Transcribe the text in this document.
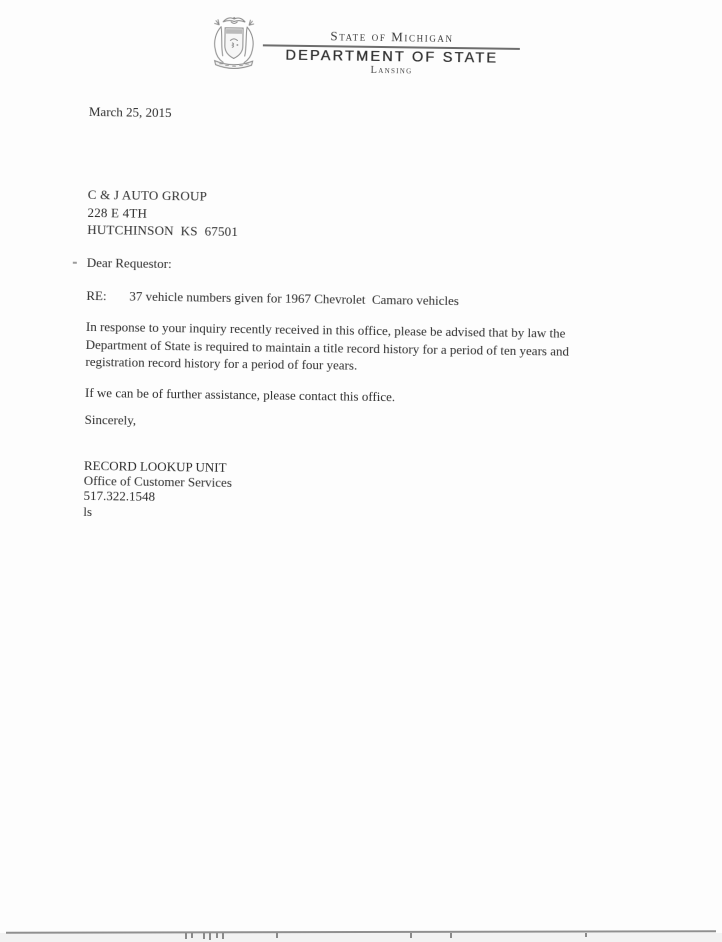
State of Michigan
DEPARTMENT OF STATE
Lansing
March 25, 2015
C & J AUTO GROUP
228 E 4TH
HUTCHINSON  KS  67501
Dear Requestor:
RE:	37 vehicle numbers given for 1967 Chevrolet  Camaro vehicles
In response to your inquiry recently received in this office, please be advised that by law the
Department of State is required to maintain a title record history for a period of ten years and
registration record history for a period of four years.
If we can be of further assistance, please contact this office.
Sincerely,
RECORD LOOKUP UNIT
Office of Customer Services
517.322.1548
ls
